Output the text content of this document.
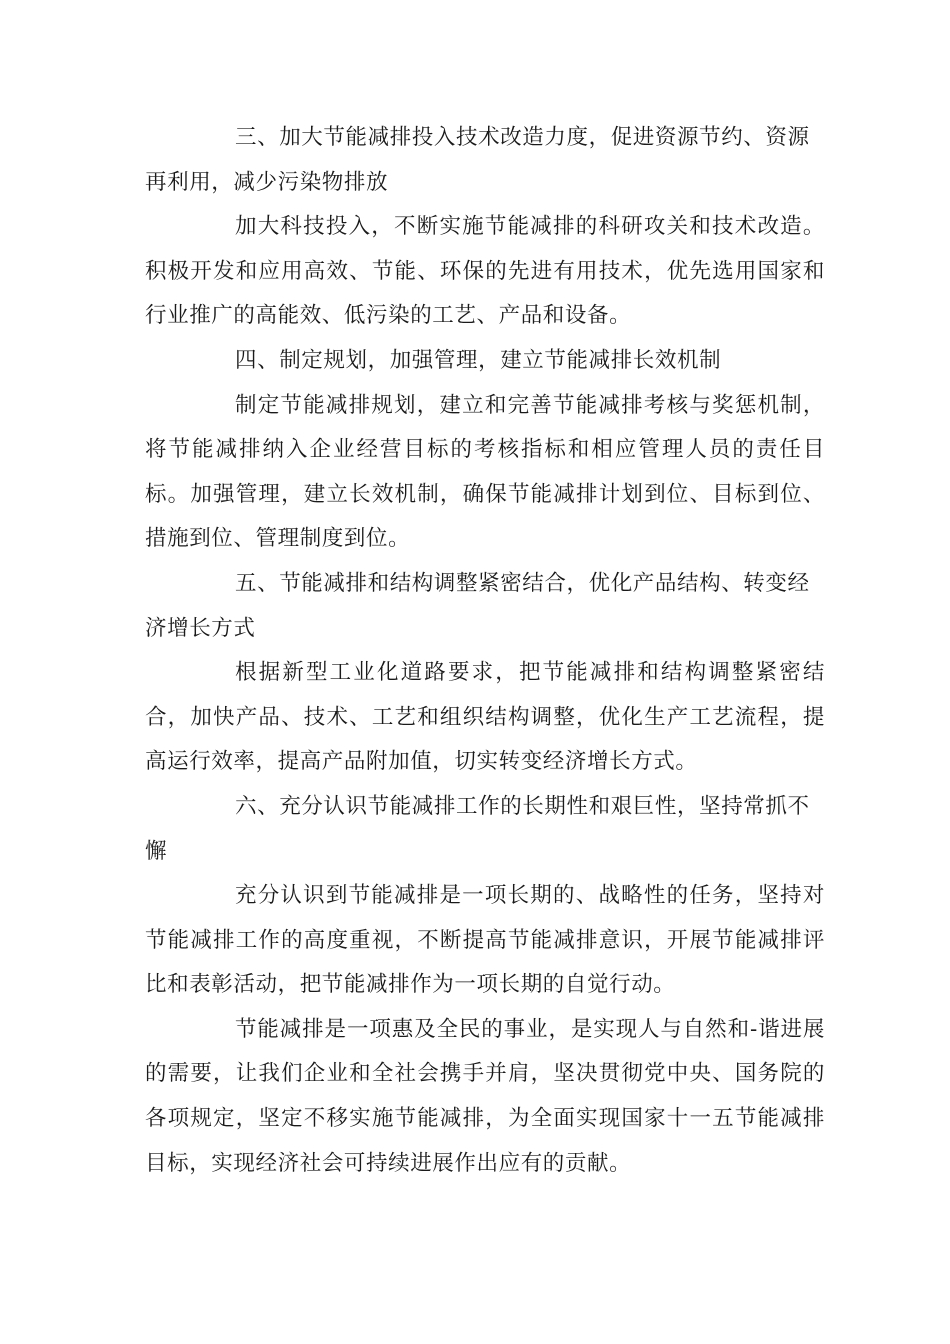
三、加大节能减排投入技术改造力度，促进资源节约、资源再利用，减少污染物排放

加大科技投入，不断实施节能减排的科研攻关和技术改造。积极开发和应用高效、节能、环保的先进有用技术，优先选用国家和行业推广的高能效、低污染的工艺、产品和设备。

四、制定规划，加强管理，建立节能减排长效机制

制定节能减排规划，建立和完善节能减排考核与奖惩机制，将节能减排纳入企业经营目标的考核指标和相应管理人员的责任目标。加强管理，建立长效机制，确保节能减排计划到位、目标到位、措施到位、管理制度到位。

五、节能减排和结构调整紧密结合，优化产品结构、转变经济增长方式

根据新型工业化道路要求，把节能减排和结构调整紧密结合，加快产品、技术、工艺和组织结构调整，优化生产工艺流程，提高运行效率，提高产品附加值，切实转变经济增长方式。

六、充分认识节能减排工作的长期性和艰巨性，坚持常抓不懈

充分认识到节能减排是一项长期的、战略性的任务，坚持对节能减排工作的高度重视，不断提高节能减排意识，开展节能减排评比和表彰活动，把节能减排作为一项长期的自觉行动。

节能减排是一项惠及全民的事业，是实现人与自然和-谐进展的需要，让我们企业和全社会携手并肩，坚决贯彻党中央、国务院的各项规定，坚定不移实施节能减排，为全面实现国家十一五节能减排目标，实现经济社会可持续进展作出应有的贡献。
